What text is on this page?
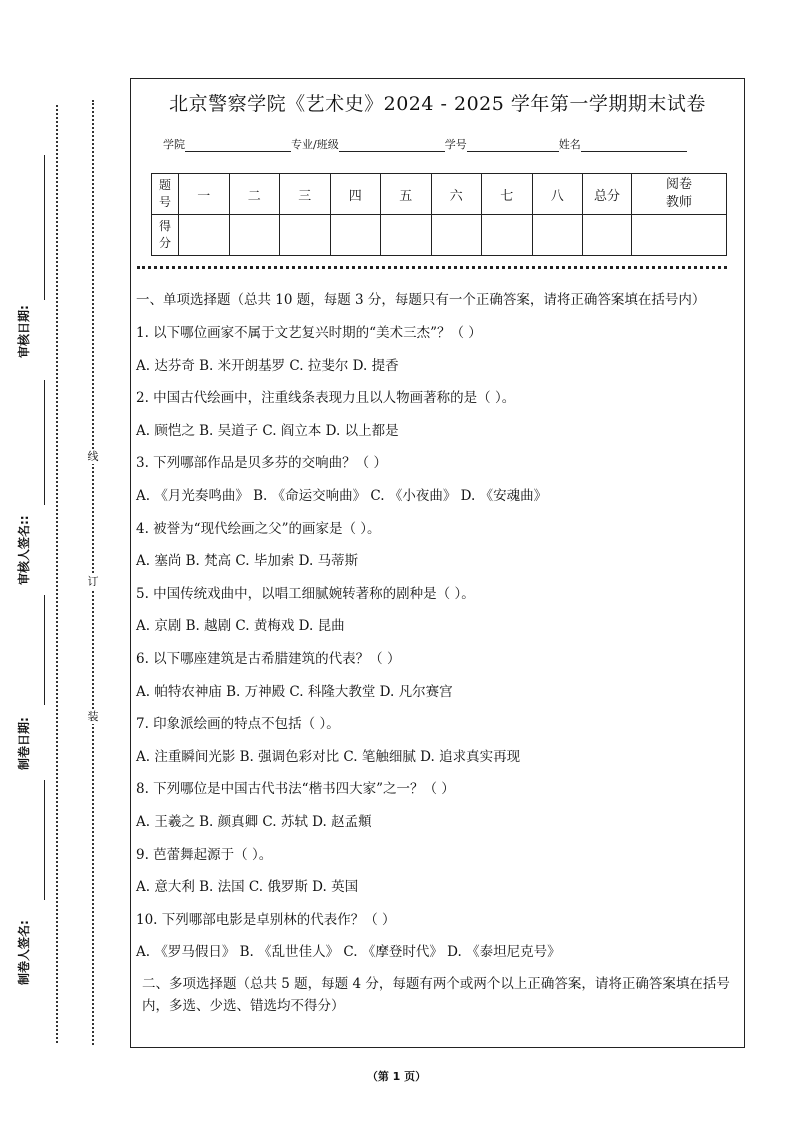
审核日期:
审核人签名::
制卷日期:
制卷人签名:
线
订
装
北京警察学院《艺术史》2024 - 2025 学年第一学期期末试卷
学院	专业/班级	学号	姓名
题
号	一	二	三	四	五	六	七	八	总分	阅卷
教师
得
分										

一、单项选择题（总共 10 题，每题 3 分，每题只有一个正确答案，请将正确答案填在括号内）

1. 以下哪位画家不属于文艺复兴时期的“美术三杰”？（ ）

A. 达芬奇 B. 米开朗基罗 C. 拉斐尔 D. 提香

2. 中国古代绘画中，注重线条表现力且以人物画著称的是（ ）。

A. 顾恺之 B. 吴道子 C. 阎立本 D. 以上都是

3. 下列哪部作品是贝多芬的交响曲？（ ）

A. 《月光奏鸣曲》 B. 《命运交响曲》 C. 《小夜曲》 D. 《安魂曲》

4. 被誉为“现代绘画之父”的画家是（ ）。

A. 塞尚 B. 梵高 C. 毕加索 D. 马蒂斯

5. 中国传统戏曲中，以唱工细腻婉转著称的剧种是（ ）。

A. 京剧 B. 越剧 C. 黄梅戏 D. 昆曲

6. 以下哪座建筑是古希腊建筑的代表？（ ）

A. 帕特农神庙 B. 万神殿 C. 科隆大教堂 D. 凡尔赛宫

7. 印象派绘画的特点不包括（ ）。

A. 注重瞬间光影 B. 强调色彩对比 C. 笔触细腻 D. 追求真实再现

8. 下列哪位是中国古代书法“楷书四大家”之一？（ ）

A. 王羲之 B. 颜真卿 C. 苏轼 D. 赵孟頫

9. 芭蕾舞起源于（ ）。

A. 意大利 B. 法国 C. 俄罗斯 D. 英国

10. 下列哪部电影是卓别林的代表作？（ ）

A. 《罗马假日》 B. 《乱世佳人》 C. 《摩登时代》 D. 《泰坦尼克号》

二、多项选择题（总共 5 题，每题 4 分，每题有两个或两个以上正确答案，请将正确答案填在括号内，多选、少选、错选均不得分）

（第 1 页）
